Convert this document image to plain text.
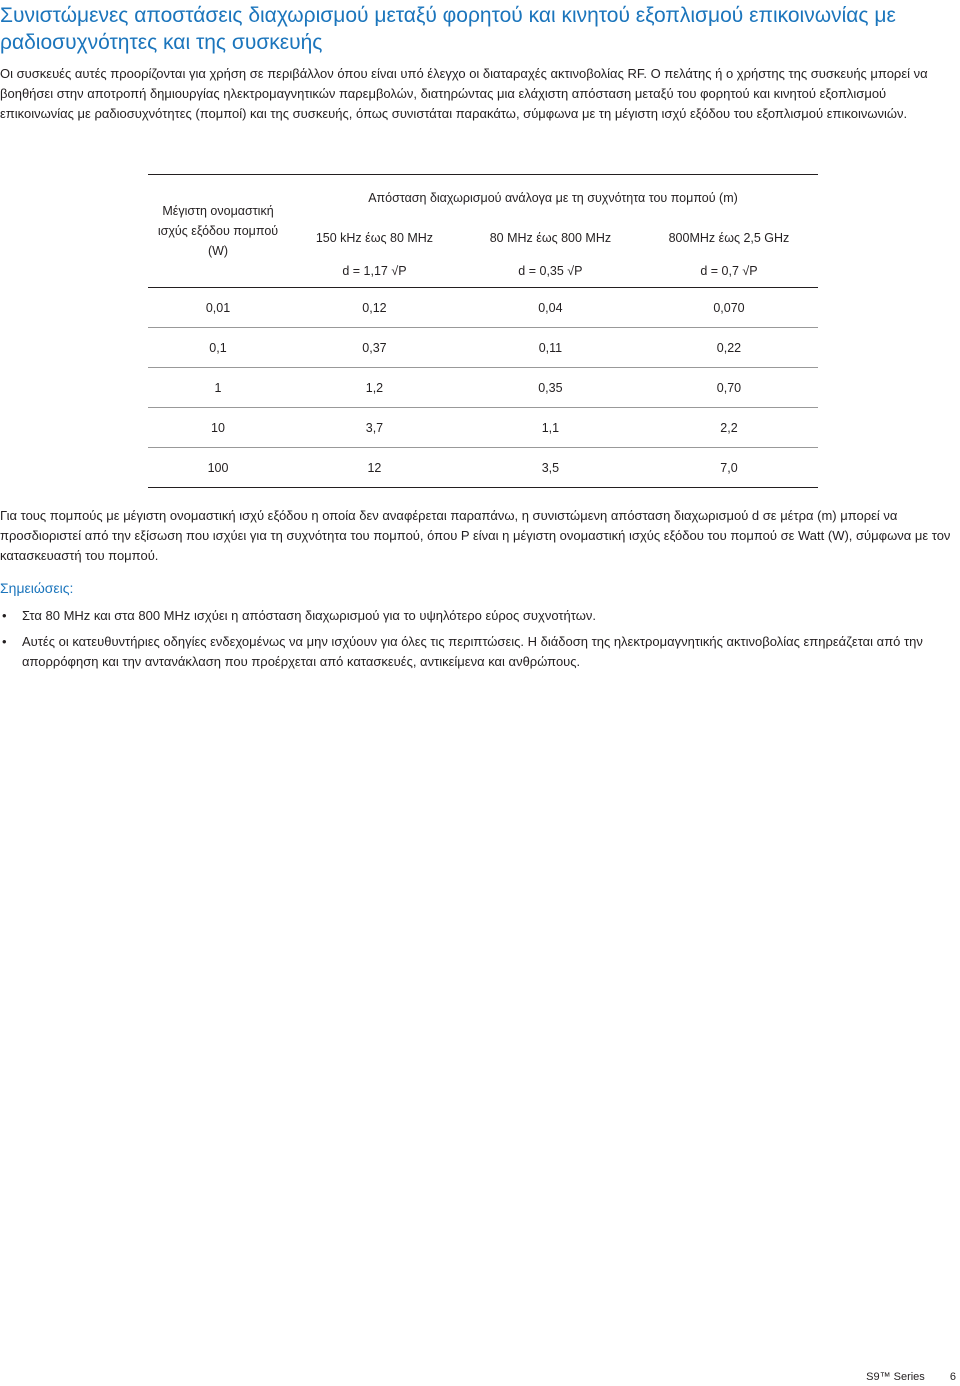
Συνιστώμενες αποστάσεις διαχωρισμού μεταξύ φορητού και κινητού εξοπλισμού επικοινωνίας με ραδιοσυχνότητες και της συσκευής

Οι συσκευές αυτές προορίζονται για χρήση σε περιβάλλον όπου είναι υπό έλεγχο οι διαταραχές ακτινοβολίας RF. Ο πελάτης ή ο χρήστης της συσκευής μπορεί να βοηθήσει στην αποτροπή δημιουργίας ηλεκτρομαγνητικών παρεμβολών, διατηρώντας μια ελάχιστη απόσταση μεταξύ του φορητού και κινητού εξοπλισμού επικοινωνίας με ραδιοσυχνότητες (πομποί) και της συσκευής, όπως συνιστάται παρακάτω, σύμφωνα με τη μέγιστη ισχύ εξόδου του εξοπλισμού επικοινωνιών.

Μέγιστη ονομαστική ισχύς εξόδου πομπού (W)	Απόσταση διαχωρισμού ανάλογα με τη συχνότητα του πομπού (m)		
	150 kHz έως 80 MHz	80 MHz έως 800 MHz	800MHz έως 2,5 GHz
	d = 1,17 √P	d = 0,35 √P	d = 0,7 √P

0,01	0,12	0,04	0,070
0,1	0,37	0,11	0,22
1	1,2	0,35	0,70
10	3,7	1,1	2,2
100	12	3,5	7,0

Για τους πομπούς με μέγιστη ονομαστική ισχύ εξόδου η οποία δεν αναφέρεται παραπάνω, η συνιστώμενη απόσταση διαχωρισμού d σε μέτρα (m) μπορεί να προσδιοριστεί από την εξίσωση που ισχύει για τη συχνότητα του πομπού, όπου P είναι η μέγιστη ονομαστική ισχύς εξόδου του πομπού σε Watt (W), σύμφωνα με τον κατασκευαστή του πομπού.

Σημειώσεις:
• Στα 80 MHz και στα 800 MHz ισχύει η απόσταση διαχωρισμού για το υψηλότερο εύρος συχνοτήτων.
• Αυτές οι κατευθυντήριες οδηγίες ενδεχομένως να μην ισχύουν για όλες τις περιπτώσεις. Η διάδοση της ηλεκτρομαγνητικής ακτινοβολίας επηρεάζεται από την απορρόφηση και την αντανάκλαση που προέρχεται από κατασκευές, αντικείμενα και ανθρώπους.
S9™ Series 6
